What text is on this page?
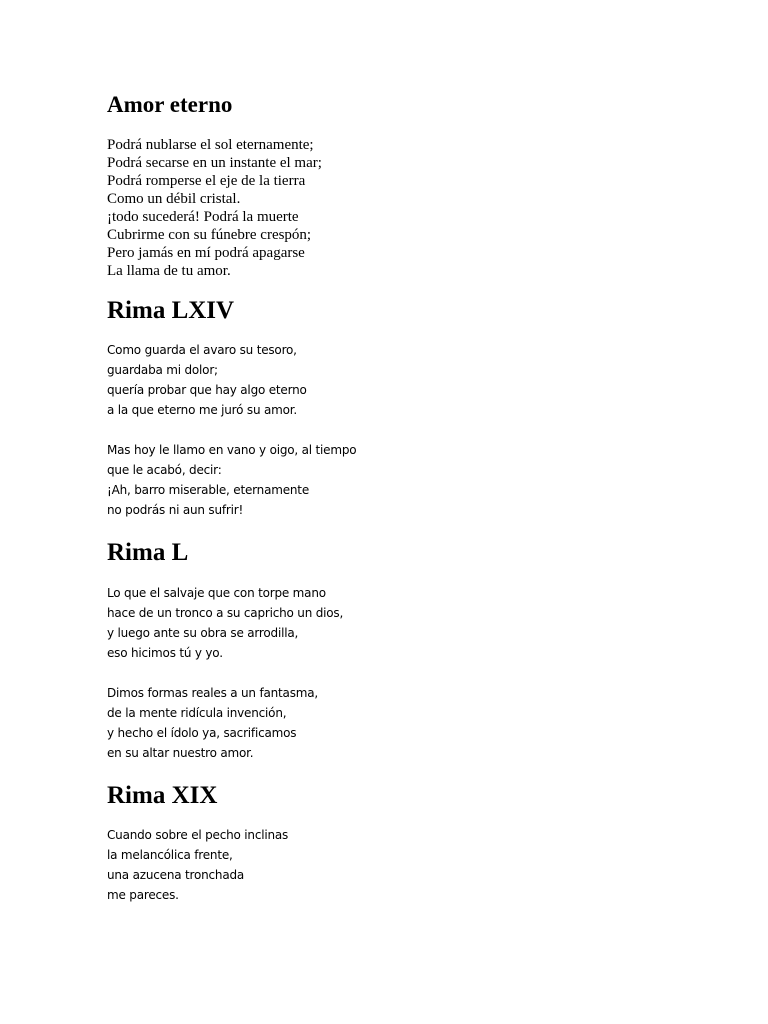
Amor eterno
Podrá nublarse el sol eternamente;
Podrá secarse en un instante el mar;
Podrá romperse el eje de la tierra
Como un débil cristal.
¡todo sucederá! Podrá la muerte
Cubrirme con su fúnebre crespón;
Pero jamás en mí podrá apagarse
La llama de tu amor.
Rima LXIV
Como guarda el avaro su tesoro,
guardaba mi dolor;
quería probar que hay algo eterno
a la que eterno me juró su amor.
Mas hoy le llamo en vano y oigo, al tiempo
que le acabó, decir:
¡Ah, barro miserable, eternamente
no podrás ni aun sufrir!
Rima L
Lo que el salvaje que con torpe mano
hace de un tronco a su capricho un dios,
y luego ante su obra se arrodilla,
eso hicimos tú y yo.
Dimos formas reales a un fantasma,
de la mente ridícula invención,
y hecho el ídolo ya, sacrificamos
en su altar nuestro amor.
Rima XIX
Cuando sobre el pecho inclinas
la melancólica frente,
una azucena tronchada
me pareces.
